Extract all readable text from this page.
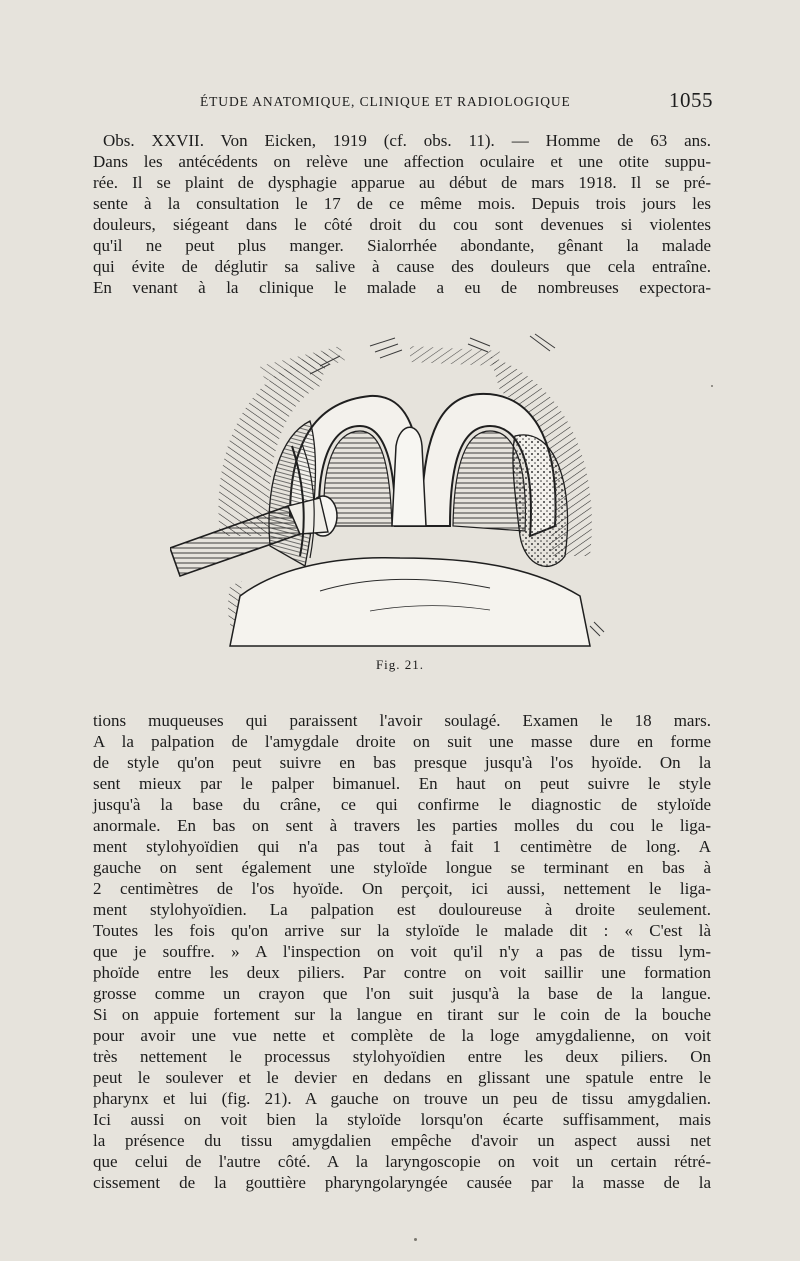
ÉTUDE ANATOMIQUE, CLINIQUE ET RADIOLOGIQUE	1055
Obs. XXVII. Von Eicken, 1919 (cf. obs. 11). — Homme de 63 ans.
Dans les antécédents on relève une affection oculaire et une otite suppu-
rée. Il se plaint de dysphagie apparue au début de mars 1918. Il se pré-
sente à la consultation le 17 de ce même mois. Depuis trois jours les
douleurs, siégeant dans le côté droit du cou sont devenues si violentes
qu'il ne peut plus manger. Sialorrhée abondante, gênant la malade
qui évite de déglutir sa salive à cause des douleurs que cela entraîne.
En venant à la clinique le malade a eu de nombreuses expectora-
Fig. 21.
tions muqueuses qui paraissent l'avoir soulagé. Examen le 18 mars.
A la palpation de l'amygdale droite on suit une masse dure en forme
de style qu'on peut suivre en bas presque jusqu'à l'os hyoïde. On la
sent mieux par le palper bimanuel. En haut on peut suivre le style
jusqu'à la base du crâne, ce qui confirme le diagnostic de styloïde
anormale. En bas on sent à travers les parties molles du cou le liga-
ment stylohyoïdien qui n'a pas tout à fait 1 centimètre de long. A
gauche on sent également une styloïde longue se terminant en bas à
2 centimètres de l'os hyoïde. On perçoit, ici aussi, nettement le liga-
ment stylohyoïdien. La palpation est douloureuse à droite seulement.
Toutes les fois qu'on arrive sur la styloïde le malade dit : « C'est là
que je souffre. » A l'inspection on voit qu'il n'y a pas de tissu lym-
phoïde entre les deux piliers. Par contre on voit saillir une formation
grosse comme un crayon que l'on suit jusqu'à la base de la langue.
Si on appuie fortement sur la langue en tirant sur le coin de la bouche
pour avoir une vue nette et complète de la loge amygdalienne, on voit
très nettement le processus stylohyoïdien entre les deux piliers. On
peut le soulever et le devier en dedans en glissant une spatule entre le
pharynx et lui (fig. 21). A gauche on trouve un peu de tissu amygdalien.
Ici aussi on voit bien la styloïde lorsqu'on écarte suffisamment, mais
la présence du tissu amygdalien empêche d'avoir un aspect aussi net
que celui de l'autre côté. A la laryngoscopie on voit un certain rétré-
cissement de la gouttière pharyngolaryngée causée par la masse de la
